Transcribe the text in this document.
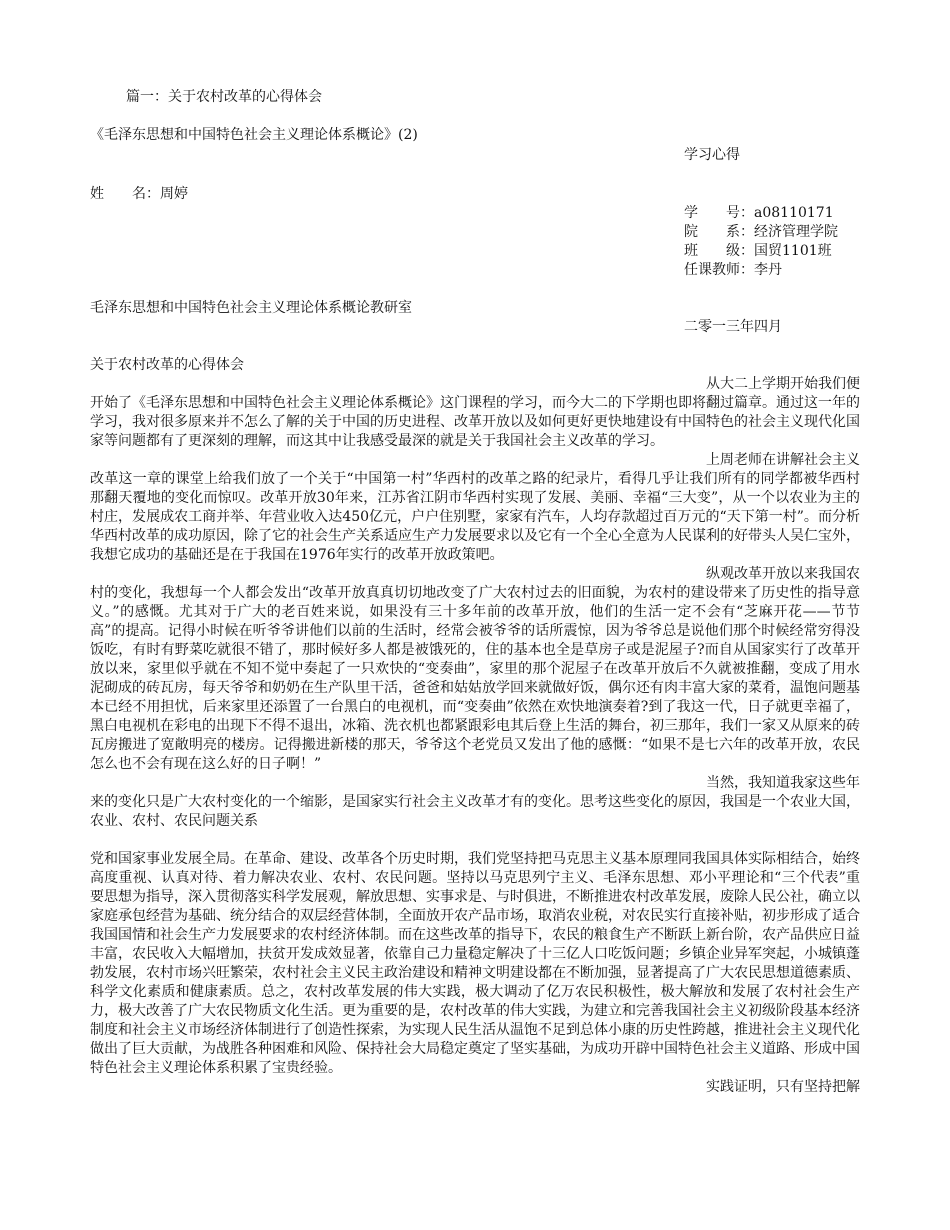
篇一：关于农村改革的心得体会
《毛泽东思想和中国特色社会主义理论体系概论》(2)
学习心得
姓　　名：周婷
学　　号：a08110171
院　　系：经济管理学院
班　　级：国贸1101班
任课教师：李丹
毛泽东思想和中国特色社会主义理论体系概论教研室
二零一三年四月
关于农村改革的心得体会
从大二上学期开始我们便
开始了《毛泽东思想和中国特色社会主义理论体系概论》这门课程的学习，而今大二的下学期也即将翻过篇章。通过这一年的学习，我对很多原来并不怎么了解的关于中国的历史进程、改革开放以及如何更好更快地建设有中国特色的社会主义现代化国家等问题都有了更深刻的理解，而这其中让我感受最深的就是关于我国社会主义改革的学习。
上周老师在讲解社会主义
改革这一章的课堂上给我们放了一个关于“中国第一村”华西村的改革之路的纪录片，看得几乎让我们所有的同学都被华西村那翻天覆地的变化而惊叹。改革开放30年来，江苏省江阴市华西村实现了发展、美丽、幸福“三大变”，从一个以农业为主的村庄，发展成农工商并举、年营业收入达450亿元，户户住别墅，家家有汽车，人均存款超过百万元的“天下第一村”。而分析华西村改革的成功原因，除了它的社会生产关系适应生产力发展要求以及它有一个全心全意为人民谋利的好带头人吴仁宝外，我想它成功的基础还是在于我国在1976年实行的改革开放政策吧。
纵观改革开放以来我国农
村的变化，我想每一个人都会发出“改革开放真真切切地改变了广大农村过去的旧面貌，为农村的建设带来了历史性的指导意义。”的感慨。尤其对于广大的老百姓来说，如果没有三十多年前的改革开放，他们的生活一定不会有“芝麻开花——节节高”的提高。记得小时候在听爷爷讲他们以前的生活时，经常会被爷爷的话所震惊，因为爷爷总是说他们那个时候经常穷得没饭吃，有时有野菜吃就很不错了，那时候好多人都是被饿死的，住的基本也全是草房子或是泥屋子?而自从国家实行了改革开放以来，家里似乎就在不知不觉中奏起了一只欢快的“变奏曲”，家里的那个泥屋子在改革开放后不久就被推翻，变成了用水泥砌成的砖瓦房，每天爷爷和奶奶在生产队里干活，爸爸和姑姑放学回来就做好饭，偶尔还有肉丰富大家的菜肴，温饱问题基本已经不用担忧，后来家里还添置了一台黑白的电视机，而“变奏曲”依然在欢快地演奏着?到了我这一代，日子就更幸福了，黑白电视机在彩电的出现下不得不退出，冰箱、洗衣机也都紧跟彩电其后登上生活的舞台，初三那年，我们一家又从原来的砖瓦房搬进了宽敞明亮的楼房。记得搬进新楼的那天，爷爷这个老党员又发出了他的感慨：“如果不是七六年的改革开放，农民怎么也不会有现在这么好的日子啊！”
当然，我知道我家这些年
来的变化只是广大农村变化的一个缩影，是国家实行社会主义改革才有的变化。思考这些变化的原因，我国是一个农业大国，农业、农村、农民问题关系
党和国家事业发展全局。在革命、建设、改革各个历史时期，我们党坚持把马克思主义基本原理同我国具体实际相结合，始终高度重视、认真对待、着力解决农业、农村、农民问题。坚持以马克思列宁主义、毛泽东思想、邓小平理论和“三个代表”重要思想为指导，深入贯彻落实科学发展观，解放思想、实事求是、与时俱进，不断推进农村改革发展，废除人民公社，确立以家庭承包经营为基础、统分结合的双层经营体制，全面放开农产品市场，取消农业税，对农民实行直接补贴，初步形成了适合我国国情和社会生产力发展要求的农村经济体制。而在这些改革的指导下，农民的粮食生产不断跃上新台阶，农产品供应日益丰富，农民收入大幅增加，扶贫开发成效显著，依靠自己力量稳定解决了十三亿人口吃饭问题；乡镇企业异军突起，小城镇蓬勃发展，农村市场兴旺繁荣，农村社会主义民主政治建设和精神文明建设都在不断加强，显著提高了广大农民思想道德素质、科学文化素质和健康素质。总之，农村改革发展的伟大实践，极大调动了亿万农民积极性，极大解放和发展了农村社会生产力，极大改善了广大农民物质文化生活。更为重要的是，农村改革的伟大实践，为建立和完善我国社会主义初级阶段基本经济制度和社会主义市场经济体制进行了创造性探索，为实现人民生活从温饱不足到总体小康的历史性跨越，推进社会主义现代化做出了巨大贡献，为战胜各种困难和风险、保持社会大局稳定奠定了坚实基础，为成功开辟中国特色社会主义道路、形成中国特色社会主义理论体系积累了宝贵经验。
实践证明，只有坚持把解
